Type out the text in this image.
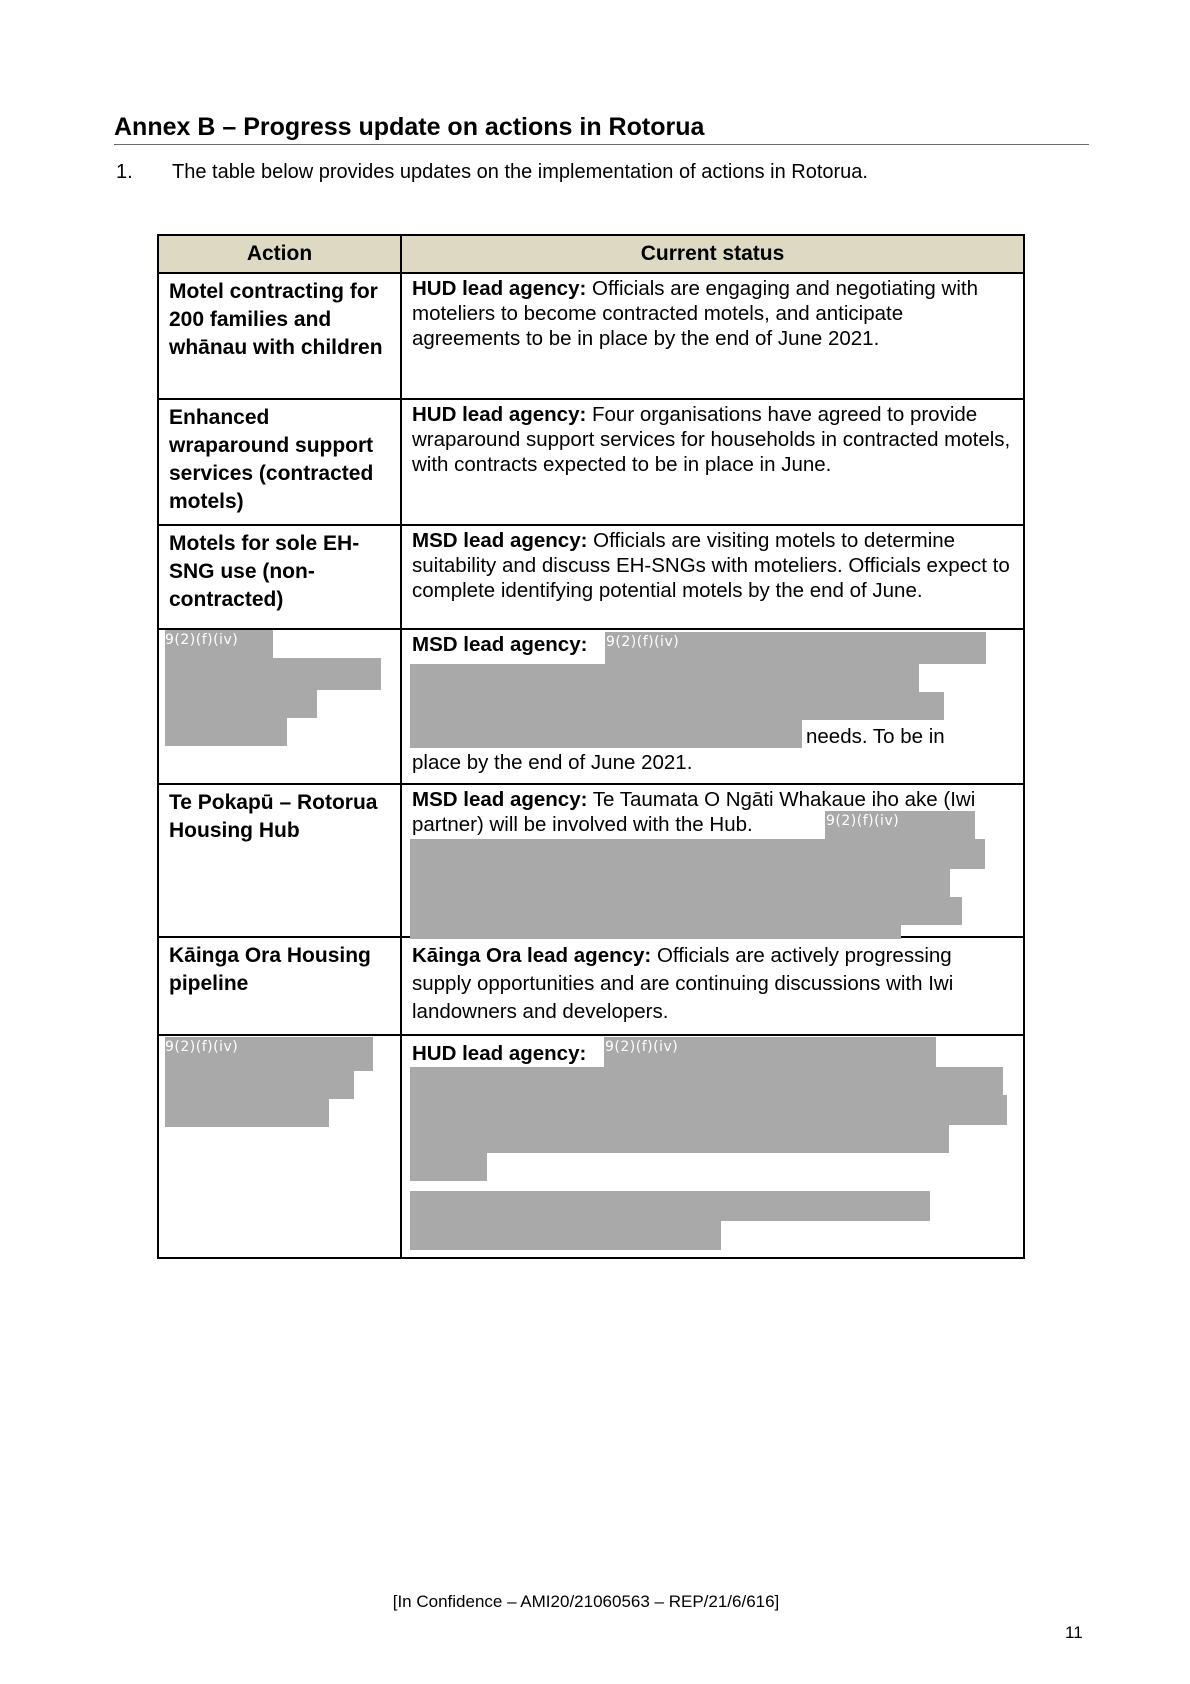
Annex B – Progress update on actions in Rotorua
1. The table below provides updates on the implementation of actions in Rotorua.
Action	Current status
Motel contracting for 200 families and whānau with children	HUD lead agency: Officials are engaging and negotiating with moteliers to become contracted motels, and anticipate agreements to be in place by the end of June 2021.
Enhanced wraparound support services (contracted motels)	HUD lead agency: Four organisations have agreed to provide wraparound support services for households in contracted motels, with contracts expected to be in place in June.
Motels for sole EH-SNG use (non-contracted)	MSD lead agency: Officials are visiting motels to determine suitability and discuss EH-SNGs with moteliers. Officials expect to complete identifying potential motels by the end of June.

9(2)(f)(iv)	MSD lead agency: 9(2)(f)(iv)
needs. To be in
place by the end of June 2021.

Te Pokapū – Rotorua Housing Hub	MSD lead agency: Te Taumata O Ngāti Whakaue iho ake (Iwi partner) will be involved with the Hub. 9(2)(f)(iv)

Kāinga Ora Housing pipeline	Kāinga Ora lead agency: Officials are actively progressing supply opportunities and are continuing discussions with Iwi landowners and developers.

9(2)(f)(iv)	HUD lead agency: 9(2)(f)(iv)
[In Confidence – AMI20/21060563 – REP/21/6/616]
11
